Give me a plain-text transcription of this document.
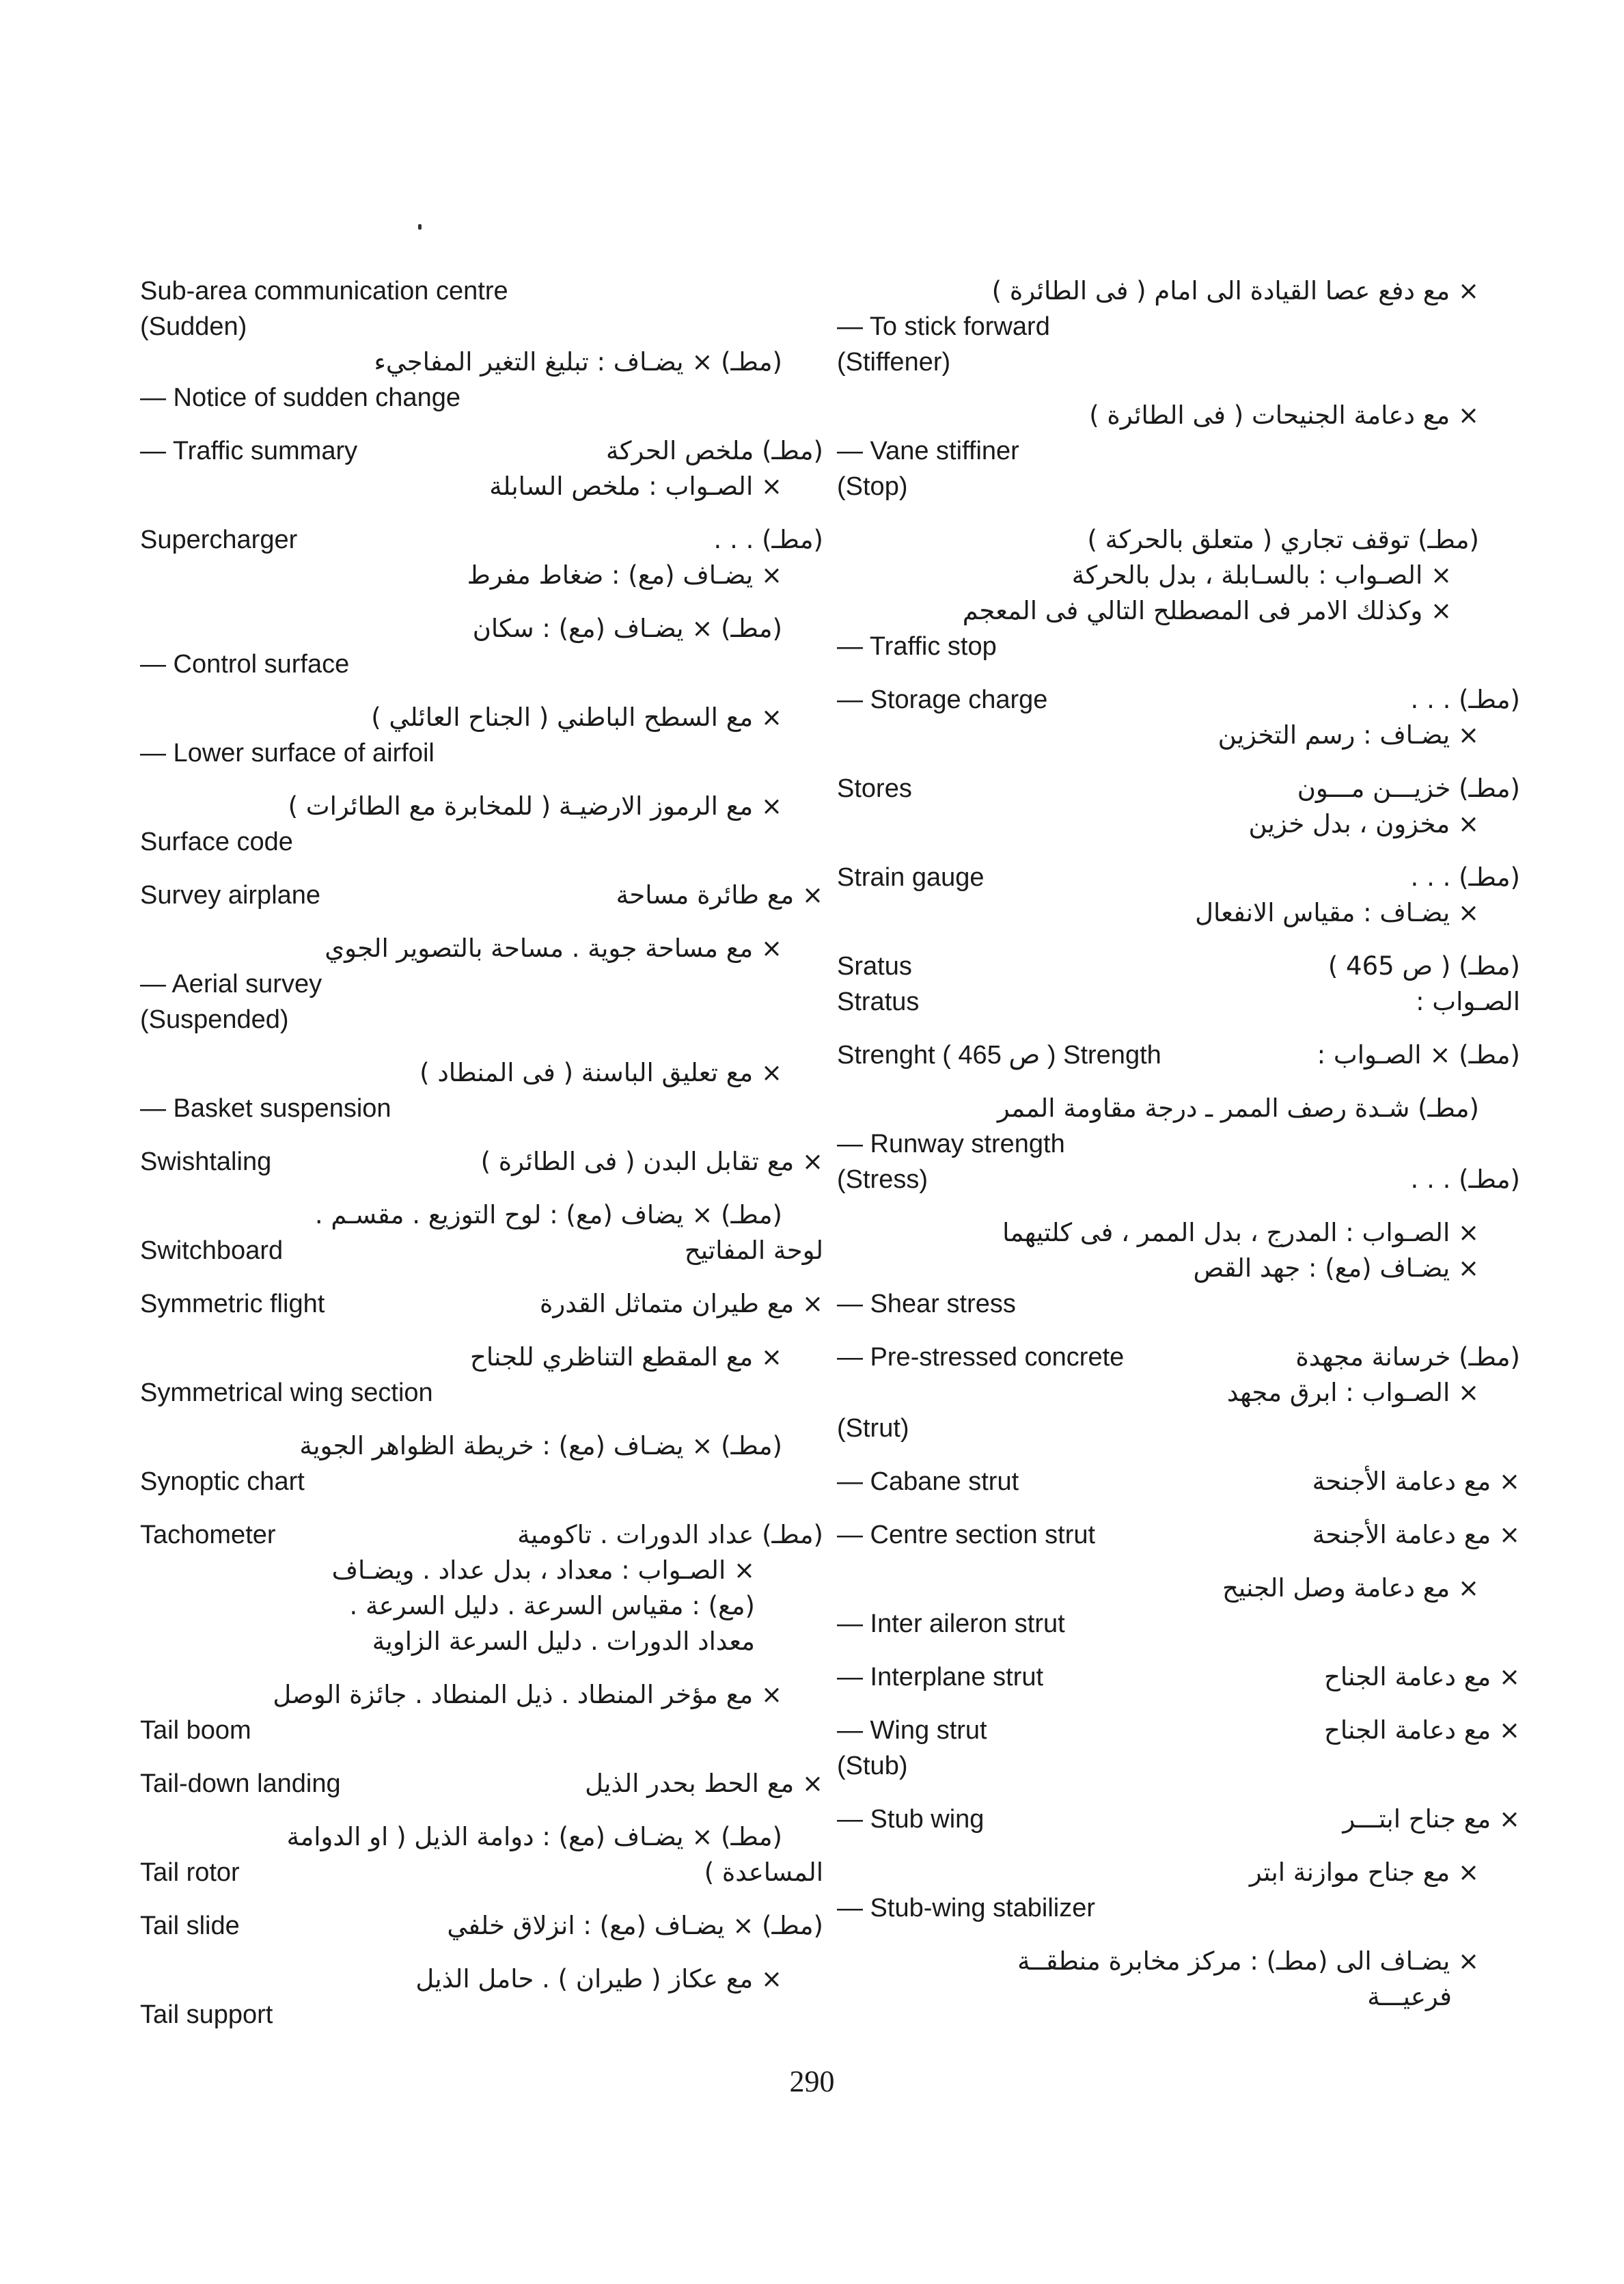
Sub-area communication centre
(Sudden)
(مطـ) × يضـاف : تبليغ التغير المفاجيء
— Notice of sudden change
— Traffic summary	(مطـ) ملخص الحركة
× الصـواب : ملخص السابلة
Supercharger	(مطـ) . . .
× يضـاف (مع) : ضغاط مفرط
(مطـ) × يضـاف (مع) : سكان
— Control surface
× مع السطح الباطني ( الجناح العائلي )
— Lower surface of airfoil
× مع الرموز الارضيـة ( للمخابرة مع الطائرات )
Surface code
Survey airplane	× مع طائرة مساحة
× مع مساحة جوية . مساحة بالتصوير الجوي
— Aerial survey
(Suspended)
× مع تعليق الباسنة ( فى المنطاد )
— Basket suspension
Swishtaling	× مع تقابل البدن ( فى الطائرة )
(مطـ) × يضاف (مع) : لوح التوزيع . مقسـم .
Switchboard	لوحة المفاتيح
Symmetric flight	× مع طيران متماثل القدرة
× مع المقطع التناظري للجناح
Symmetrical wing section
(مطـ) × يضـاف (مع) : خريطة الظواهر الجوية
Synoptic chart
Tachometer	(مطـ) عداد الدورات . تاكومية
× الصـواب : معداد ، بدل عداد . ويضـاف
(مع) : مقياس السرعة . دليل السرعة .
معداد الدورات . دليل السرعة الزاوية
× مع مؤخر المنطاد . ذيل المنطاد . جائزة الوصل
Tail boom
Tail-down landing	× مع الحط بحدر الذيل
(مطـ) × يضـاف (مع) : دوامة الذيل ( او الدوامة
Tail rotor	المساعدة )
Tail slide	(مطـ) × يضـاف (مع) : انزلاق خلفي
× مع عكاز ( طيران ) . حامل الذيل
Tail support
× مع دفع عصا القيادة الى امام ( فى الطائرة )
— To stick forward
(Stiffener)
× مع دعامة الجنيحات ( فى الطائرة )
— Vane stiffiner
(Stop)
(مطـ) توقف تجاري ( متعلق بالحركة )
× الصـواب : بالسـابلة ، بدل بالحركة
× وكذلك الامر فى المصطلح التالي فى المعجم
— Traffic stop
— Storage charge	(مطـ) . . .
× يضـاف : رسم التخزين
Stores	(مطـ) خزيـــن مـــون
× مخزون ، بدل خزين
Strain gauge	(مطـ) . . .
× يضـاف : مقياس الانفعال
Sratus	(مطـ) ( ص 465 )
Stratus	الصـواب :
Strenght ( 465 ص ) Strength	(مطـ) × الصـواب :
(مطـ) شـدة رصف الممر ـ درجة مقاومة الممر
— Runway strength
(Stress)	(مطـ) . . .
× الصـواب : المدرج ، بدل الممر ، فى كلتيهما
× يضـاف (مع) : جهد القص
— Shear stress
— Pre-stressed concrete	(مطـ) خرسانة مجهدة
× الصـواب : ابرق مجهد
(Strut)
— Cabane strut	× مع دعامة الأجنحة
— Centre section strut	× مع دعامة الأجنحة
× مع دعامة وصل الجنيح
— Inter aileron strut
— Interplane strut	× مع دعامة الجناح
— Wing strut	× مع دعامة الجناح
(Stub)
— Stub wing	× مع جناح ابتـــر
× مع جناح موازنة ابتر
— Stub-wing stabilizer
× يضـاف الى (مطـ) : مركز مخابرة منطقــة
فرعيـــة
290
